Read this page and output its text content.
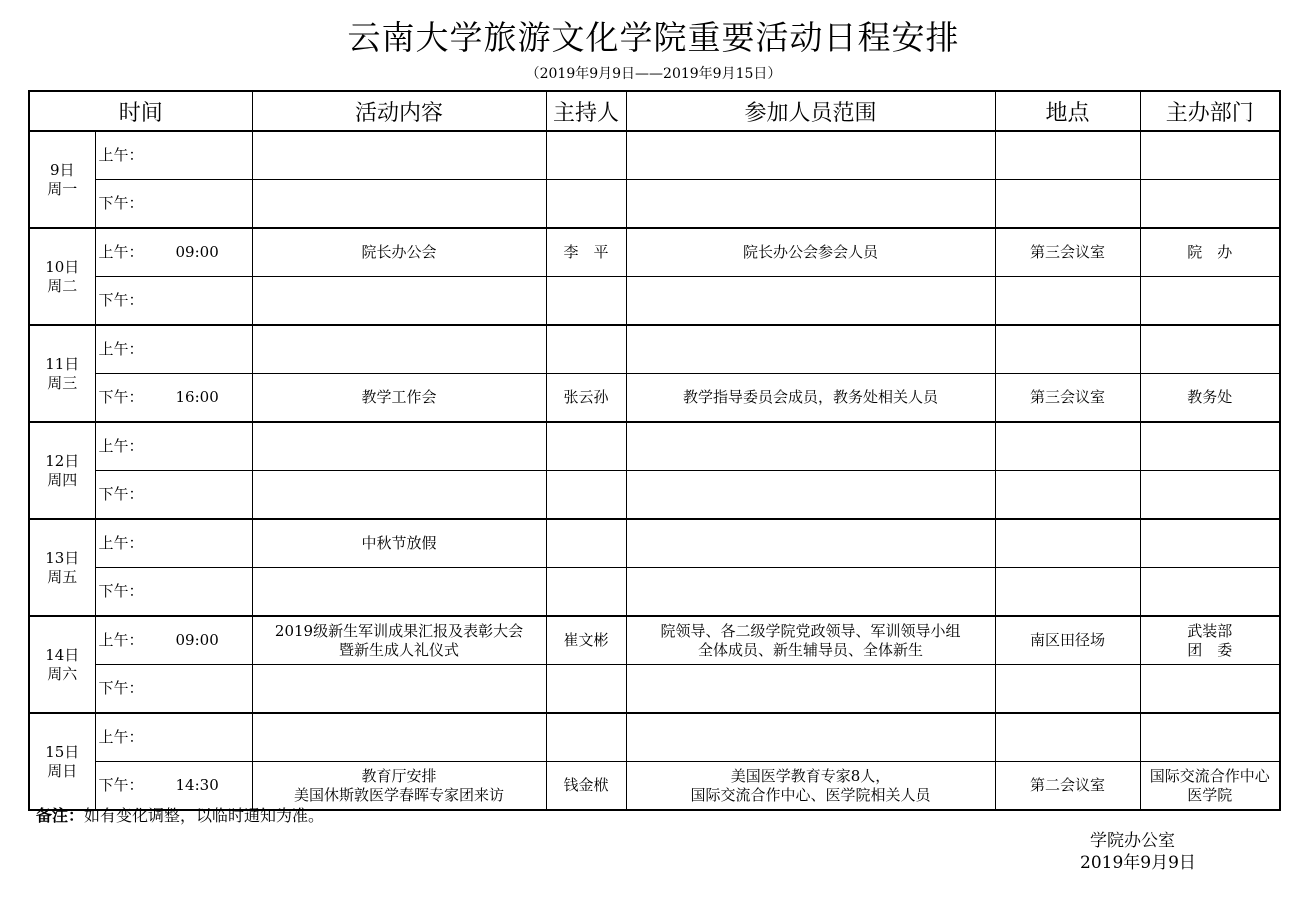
云南大学旅游文化学院重要活动日程安排
（2019年9月9日——2019年9月15日）
时间		活动内容	主持人	参加人员范围	地点	主办部门

9日
周一	上午：					
	下午：					

10日
周二	上午： 09:00	院长办公会	李　平	院长办公会参会人员	第三会议室	院　办

	下午：					

11日
周三	上午：					
	下午： 16:00	教学工作会	张云孙	教学指导委员会成员，教务处相关人员	第三会议室	教务处

12日
周四	上午：					
	下午：					

13日
周五	上午：	中秋节放假				

	下午：					

14日
周六	上午： 09:00	2019级新生军训成果汇报及表彰大会
暨新生成人礼仪式	崔文彬	院领导、各二级学院党政领导、军训领导小组
全体成员、新生辅导员、全体新生	南区田径场	武装部
团　委

	下午：					

15日
周日	上午：					
	下午： 14:30	教育厅安排
美国休斯敦医学春晖专家团来访	钱金栿	美国医学教育专家8人，
国际交流合作中心、医学院相关人员	第二会议室	国际交流合作中心
医学院
备注：如有变化调整，以临时通知为准。
学院办公室
2019年9月9日
